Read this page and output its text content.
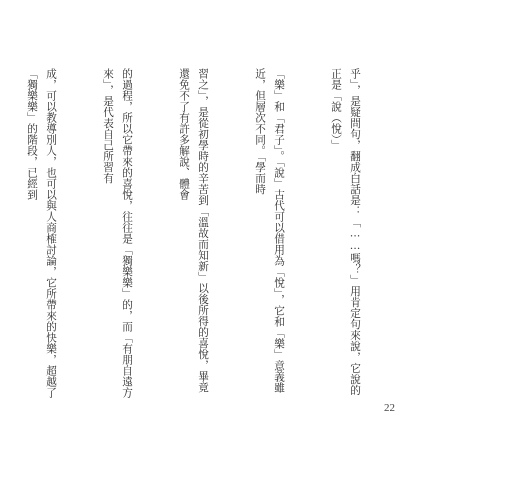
乎」，是疑問句，翻成白話是：「……嗎？」用肯定句來說，它說的正是「說（悅）」

「樂」和「君子」。「說」古代可以借用為「悅」，它和「樂」意義雖近，但層次不同。「學而時

習之」，是從初學時的辛苦到「溫故而知新」以後所得的喜悅，畢竟還免不了有許多解說、體會

的過程，所以它帶來的喜悅，往往是「獨樂樂」的，而「有朋自遠方來」，是代表自己所習有

成，可以教導別人，也可以與人商榷討論，它所帶來的快樂，超越了「獨樂樂」的階段，已經到

22
